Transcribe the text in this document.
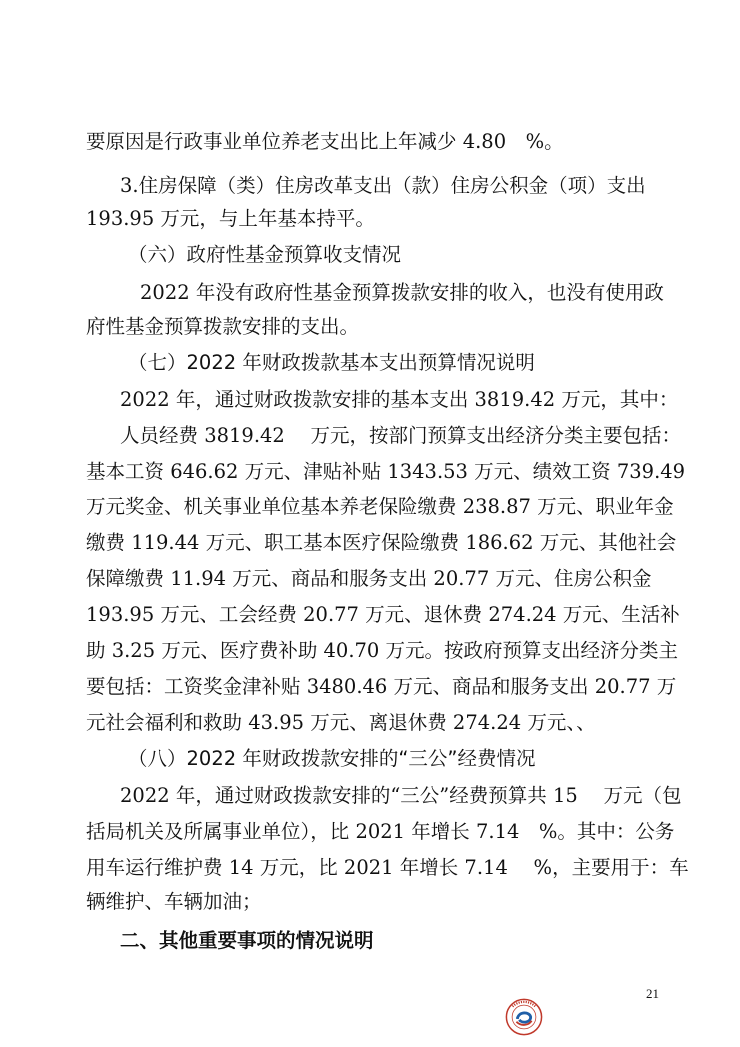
要原因是行政事业单位养老支出比上年减少 4.80　%。
3.住房保障（类）住房改革支出（款）住房公积金（项）支出
193.95 万元，与上年基本持平。
（六）政府性基金预算收支情况
2022 年没有政府性基金预算拨款安排的收入，也没有使用政
府性基金预算拨款安排的支出。
（七）2022 年财政拨款基本支出预算情况说明
2022 年，通过财政拨款安排的基本支出 3819.42 万元，其中：
人员经费 3819.42　 万元，按部门预算支出经济分类主要包括：
基本工资 646.62 万元、津贴补贴 1343.53 万元、绩效工资 739.49
万元奖金、机关事业单位基本养老保险缴费 238.87 万元、职业年金
缴费 119.44 万元、职工基本医疗保险缴费 186.62 万元、其他社会
保障缴费 11.94 万元、商品和服务支出 20.77 万元、住房公积金
193.95 万元、工会经费 20.77 万元、退休费 274.24 万元、生活补
助 3.25 万元、医疗费补助 40.70 万元。按政府预算支出经济分类主
要包括：工资奖金津补贴 3480.46 万元、商品和服务支出 20.77 万
元社会福利和救助 43.95 万元、离退休费 274.24 万元、、
（八）2022 年财政拨款安排的“三公”经费情况
2022 年，通过财政拨款安排的“三公”经费预算共 15　 万元（包
括局机关及所属事业单位），比 2021 年增长 7.14　%。其中：公务
用车运行维护费 14 万元，比 2021 年增长 7.14　 %，主要用于：车
辆维护、车辆加油；
二、其他重要事项的情况说明
21
